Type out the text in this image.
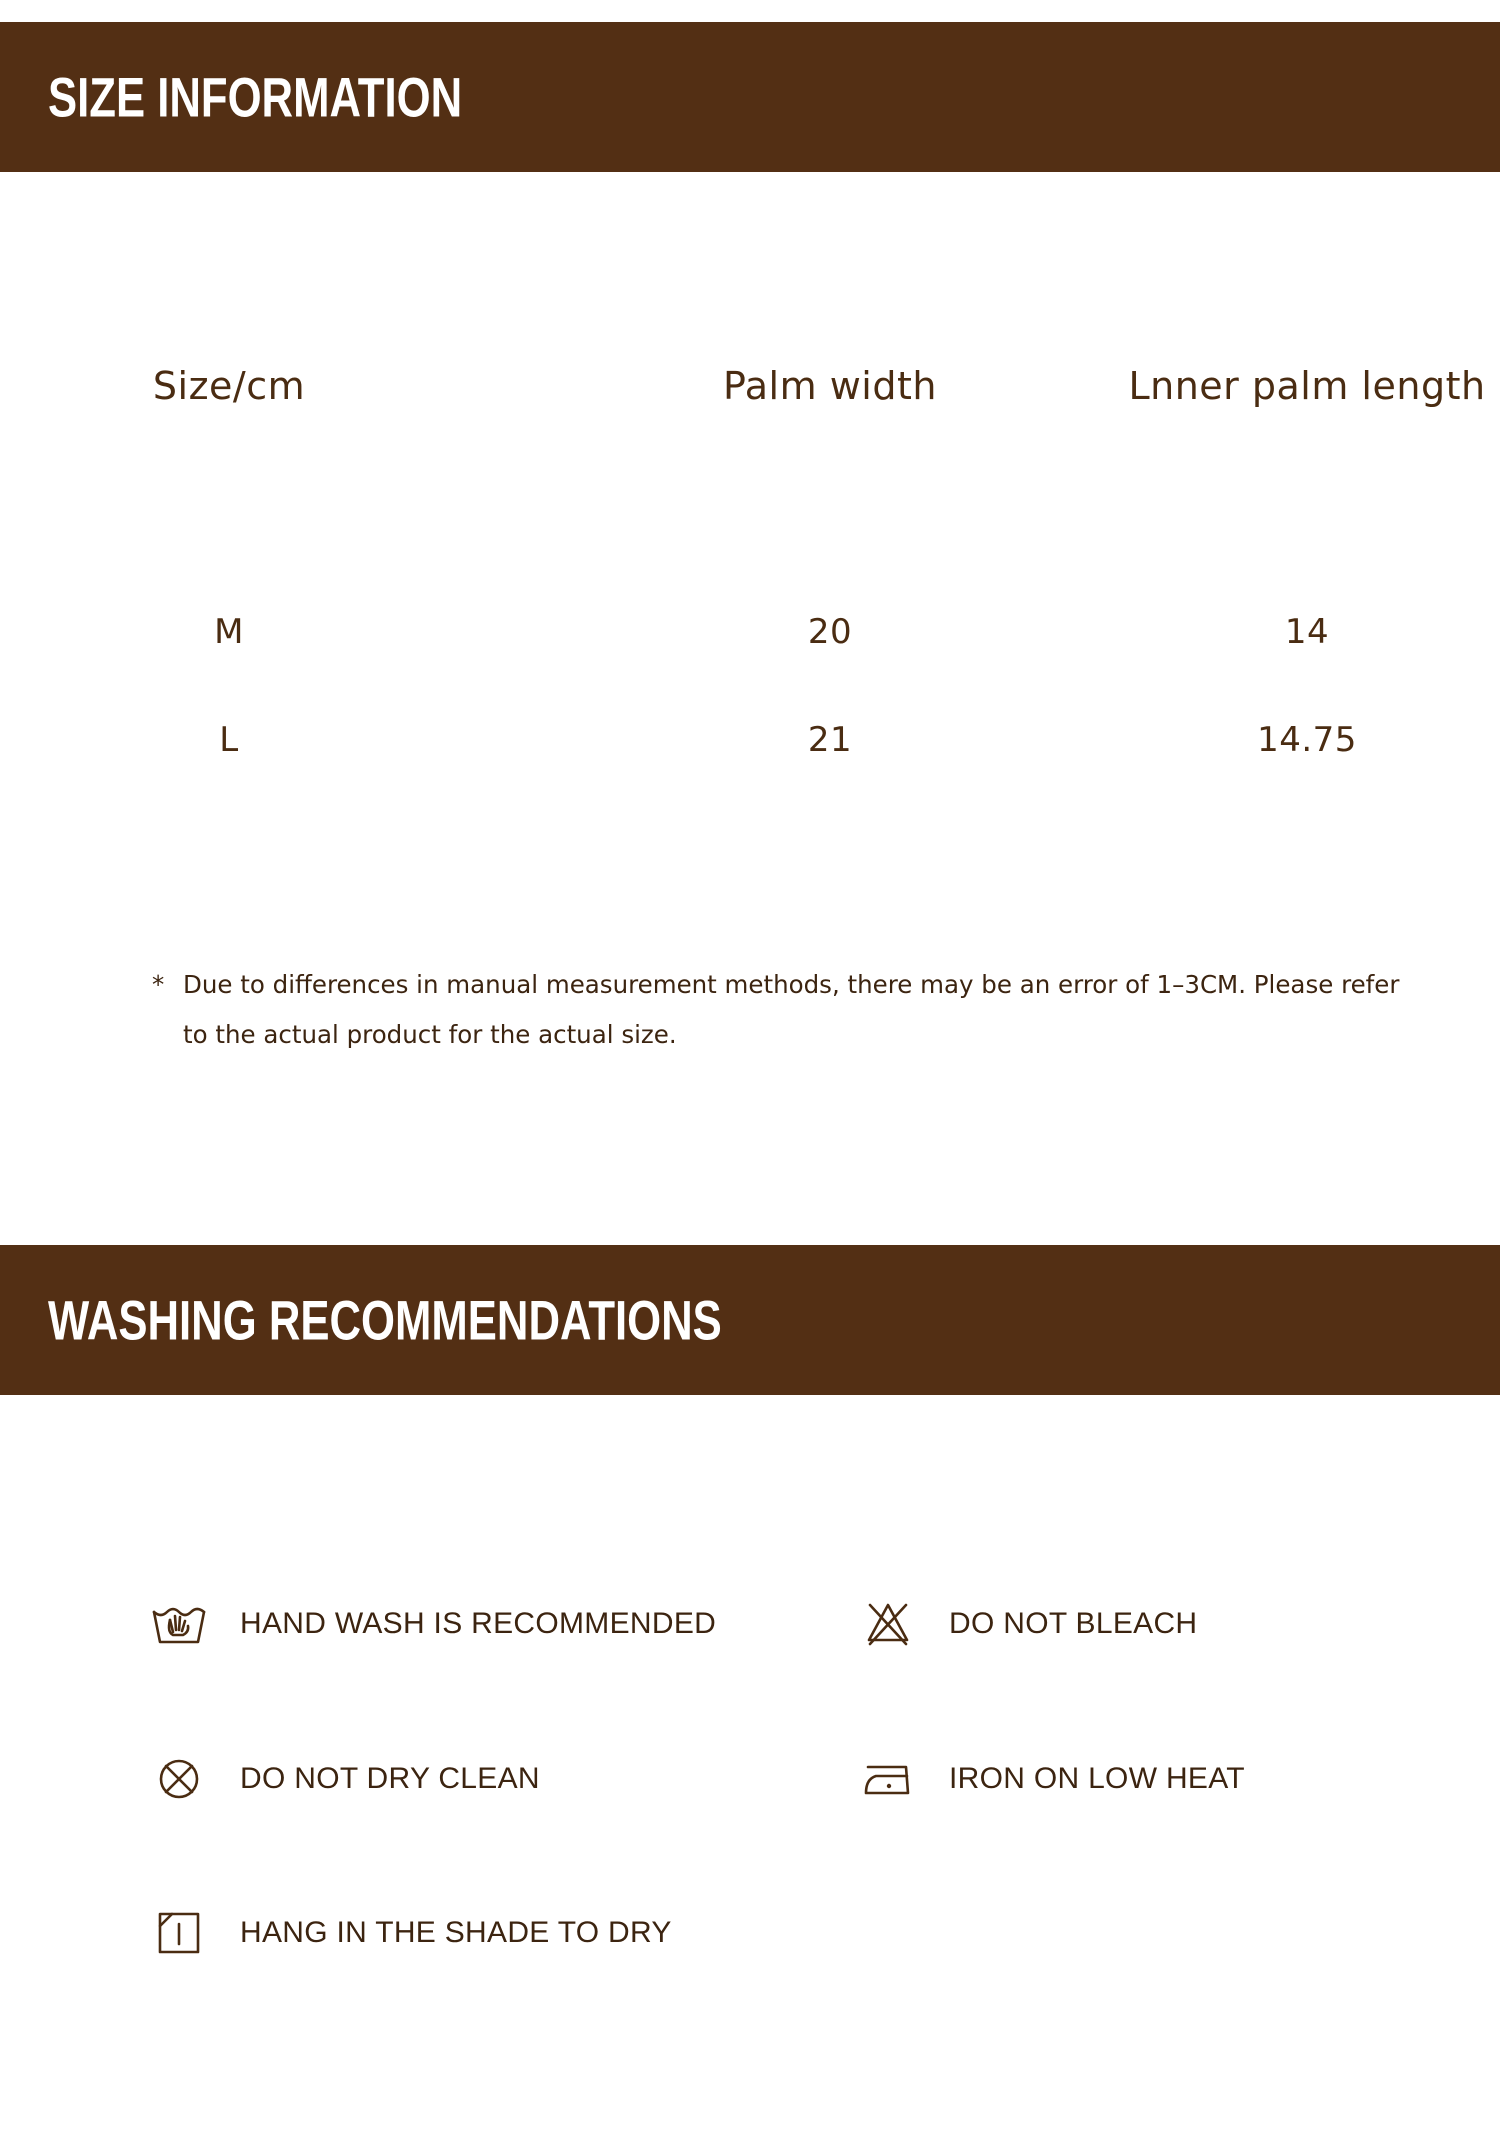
SIZE INFORMATION
Size/cm	Palm width	Lnner palm length
M	20	14
L	21	14.75
* Due to differences in manual measurement methods, there may be an error of 1–3CM. Please refer to the actual product for the actual size.
WASHING RECOMMENDATIONS
HAND WASH IS RECOMMENDED	DO NOT BLEACH
DO NOT DRY CLEAN	IRON ON LOW HEAT
HANG IN THE SHADE TO DRY
